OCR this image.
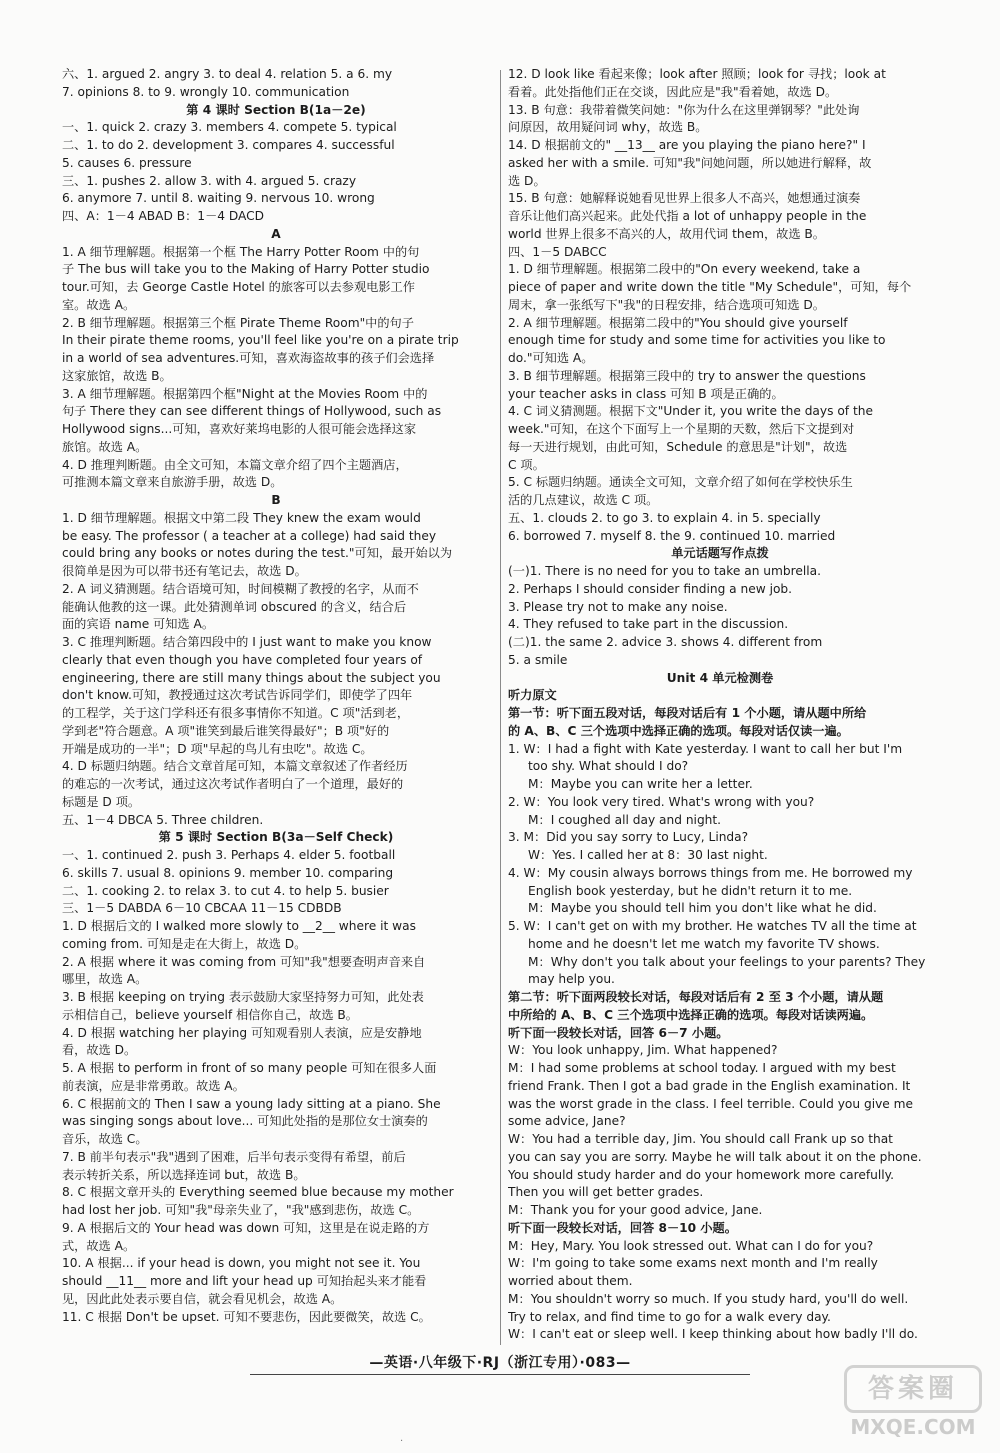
六、1. argued 2. angry 3. to deal 4. relation 5. a 6. my
7. opinions 8. to 9. wrongly 10. communication
第 4 课时 Section B(1a－2e)
一、1. quick 2. crazy 3. members 4. compete 5. typical
二、1. to do 2. development 3. compares 4. successful
5. causes 6. pressure
三、1. pushes 2. allow 3. with 4. argued 5. crazy
6. anymore 7. until 8. waiting 9. nervous 10. wrong
四、A：1－4 ABAD B：1－4 DACD
A
1. A 细节理解题。根据第一个框 The Harry Potter Room 中的句
子 The bus will take you to the Making of Harry Potter studio
tour.可知，去 George Castle Hotel 的旅客可以去参观电影工作
室。故选 A。
2. B 细节理解题。根据第三个框 Pirate Theme Room"中的句子
In their pirate theme rooms, you'll feel like you're on a pirate trip
in a world of sea adventures.可知，喜欢海盗故事的孩子们会选择
这家旅馆，故选 B。
3. A 细节理解题。根据第四个框"Night at the Movies Room 中的
句子 There they can see different things of Hollywood, such as
Hollywood signs...可知，喜欢好莱坞电影的人很可能会选择这家
旅馆。故选 A。
4. D 推理判断题。由全文可知，本篇文章介绍了四个主题酒店，
可推测本篇文章来自旅游手册，故选 D。
B
1. D 细节理解题。根据文中第二段 They knew the exam would
be easy. The professor ( a teacher at a college) had said they
could bring any books or notes during the test."可知，最开始以为
很简单是因为可以带书还有笔记去，故选 D。
2. A 词义猜测题。结合语境可知，时间模糊了教授的名字，从而不
能确认他教的这一课。此处猜测单词 obscured 的含义，结合后
面的宾语 name 可知选 A。
3. C 推理判断题。结合第四段中的 I just want to make you know
clearly that even though you have completed four years of
engineering, there are still many things about the subject you
don't know.可知，教授通过这次考试告诉同学们，即使学了四年
的工程学，关于这门学科还有很多事情你不知道。C 项"活到老，
学到老"符合题意。A 项"谁笑到最后谁笑得最好"；B 项"好的
开端是成功的一半"；D 项"早起的鸟儿有虫吃"。故选 C。
4. D 标题归纳题。结合文章首尾可知，本篇文章叙述了作者经历
的难忘的一次考试，通过这次考试作者明白了一个道理，最好的
标题是 D 项。
五、1－4 DBCA 5. Three children.
第 5 课时 Section B(3a－Self Check)
一、1. continued 2. push 3. Perhaps 4. elder 5. football
6. skills 7. usual 8. opinions 9. member 10. comparing
二、1. cooking 2. to relax 3. to cut 4. to help 5. busier
三、1－5 DABDA 6－10 CBCAA 11－15 CDBDB
1. D 根据后文的 I walked more slowly to __2__ where it was
coming from. 可知是走在大街上，故选 D。
2. A 根据 where it was coming from 可知"我"想要查明声音来自
哪里，故选 A。
3. B 根据 keeping on trying 表示鼓励大家坚持努力可知，此处表
示相信自己，believe yourself 相信你自己，故选 B。
4. D 根据 watching her playing 可知观看别人表演，应是安静地
看，故选 D。
5. A 根据 to perform in front of so many people 可知在很多人面
前表演，应是非常勇敢。故选 A。
6. C 根据前文的 Then I saw a young lady sitting at a piano. She
was singing songs about love... 可知此处指的是那位女士演奏的
音乐，故选 C。
7. B 前半句表示"我"遇到了困难，后半句表示变得有希望，前后
表示转折关系，所以选择连词 but，故选 B。
8. C 根据文章开头的 Everything seemed blue because my mother
had lost her job. 可知"我"母亲失业了，"我"感到悲伤，故选 C。
9. A 根据后文的 Your head was down 可知，这里是在说走路的方
式，故选 A。
10. A 根据... if your head is down, you might not see it. You
should __11__ more and lift your head up 可知抬起头来才能看
见，因此此处表示要自信，就会看见机会，故选 A。
11. C 根据 Don't be upset. 可知不要悲伤，因此要微笑，故选 C。
12. D look like 看起来像；look after 照顾；look for 寻找；look at
看着。此处指他们正在交谈，因此应是"我"看着她，故选 D。
13. B 句意：我带着微笑问她："你为什么在这里弹钢琴？"此处询
问原因，故用疑问词 why，故选 B。
14. D 根据前文的" __13__ are you playing the piano here?" I
asked her with a smile. 可知"我"问她问题，所以她进行解释，故
选 D。
15. B 句意：她解释说她看见世界上很多人不高兴，她想通过演奏
音乐让他们高兴起来。此处代指 a lot of unhappy people in the
world 世界上很多不高兴的人，故用代词 them，故选 B。
四、1－5 DABCC
1. D 细节理解题。根据第二段中的"On every weekend, take a
piece of paper and write down the title "My Schedule"，可知，每个
周末，拿一张纸写下"我"的日程安排，结合选项可知选 D。
2. A 细节理解题。根据第二段中的"You should give yourself
enough time for study and some time for activities you like to
do."可知选 A。
3. B 细节理解题。根据第三段中的 try to answer the questions
your teacher asks in class 可知 B 项是正确的。
4. C 词义猜测题。根据下文"Under it, you write the days of the
week."可知，在这个下面写上一个星期的天数，然后下文提到对
每一天进行规划，由此可知，Schedule 的意思是"计划"，故选
C 项。
5. C 标题归纳题。通读全文可知，文章介绍了如何在学校快乐生
活的几点建议，故选 C 项。
五、1. clouds 2. to go 3. to explain 4. in 5. specially
6. borrowed 7. myself 8. the 9. continued 10. married
单元话题写作点拨
(一)1. There is no need for you to take an umbrella.
2. Perhaps I should consider finding a new job.
3. Please try not to make any noise.
4. They refused to take part in the discussion.
(二)1. the same 2. advice 3. shows 4. different from
5. a smile
Unit 4 单元检测卷
听力原文
第一节：听下面五段对话，每段对话后有 1 个小题，请从题中所给
的 A、B、C 三个选项中选择正确的选项。每段对话仅读一遍。
1. W：I had a fight with Kate yesterday. I want to call her but I'm
too shy. What should I do?
M：Maybe you can write her a letter.
2. W：You look very tired. What's wrong with you?
M：I coughed all day and night.
3. M：Did you say sorry to Lucy, Linda?
W：Yes. I called her at 8：30 last night.
4. W：My cousin always borrows things from me. He borrowed my
English book yesterday, but he didn't return it to me.
M：Maybe you should tell him you don't like what he did.
5. W：I can't get on with my brother. He watches TV all the time at
home and he doesn't let me watch my favorite TV shows.
M：Why don't you talk about your feelings to your parents? They
may help you.
第二节：听下面两段较长对话，每段对话后有 2 至 3 个小题，请从题
中所给的 A、B、C 三个选项中选择正确的选项。每段对话读两遍。
听下面一段较长对话，回答 6－7 小题。
W：You look unhappy, Jim. What happened?
M：I had some problems at school today. I argued with my best
friend Frank. Then I got a bad grade in the English examination. It
was the worst grade in the class. I feel terrible. Could you give me
some advice, Jane?
W：You had a terrible day, Jim. You should call Frank up so that
you can say you are sorry. Maybe he will talk about it on the phone.
You should study harder and do your homework more carefully.
Then you will get better grades.
M：Thank you for your good advice, Jane.
听下面一段较长对话，回答 8－10 小题。
M：Hey, Mary. You look stressed out. What can I do for you?
W：I'm going to take some exams next month and I'm really
worried about them.
M：You shouldn't worry so much. If you study hard, you'll do well.
Try to relax, and find time to go for a walk every day.
W：I can't eat or sleep well. I keep thinking about how badly I'll do.
—英语·八年级下·RJ（浙江专用）·083—
·
答案圈
MXQE.COM
